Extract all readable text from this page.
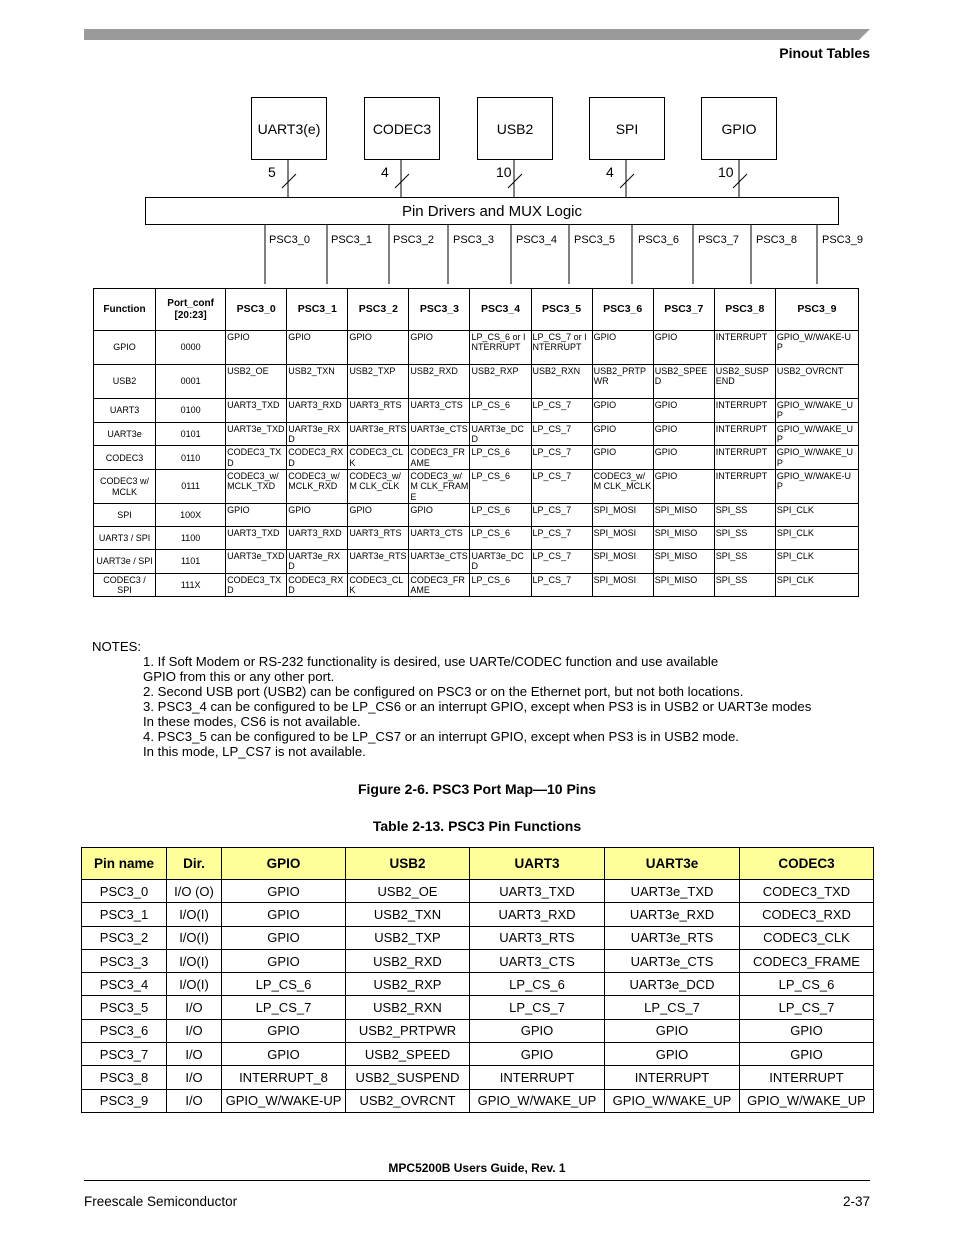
Pinout Tables
UART3(e)	CODEC3	USB2	SPI	GPIO
5	4	10	4	10
Pin Drivers and MUX Logic
PSC3_0 PSC3_1 PSC3_2 PSC3_3 PSC3_4 PSC3_5 PSC3_6 PSC3_7 PSC3_8 PSC3_9
Function	Port_conf
[20:23]	PSC3_0	PSC3_1	PSC3_2	PSC3_3	PSC3_4	PSC3_5	PSC3_6	PSC3_7	PSC3_8	PSC3_9
GPIO	0000	GPIO	GPIO	GPIO	GPIO	LP_CS_6 or INTERRUPT	LP_CS_7 or INTERRUPT	GPIO	GPIO	INTERRUPT	GPIO_W/WAKE-UP
USB2	0001	USB2_OE	USB2_TXN	USB2_TXP	USB2_RXD	USB2_RXP	USB2_RXN	USB2_PRTPWR	USB2_SPEED	USB2_SUSPEND	USB2_OVRCNT
UART3	0100	UART3_TXD	UART3_RXD	UART3_RTS	UART3_CTS	LP_CS_6	LP_CS_7	GPIO	GPIO	INTERRUPT	GPIO_W/WAKE_UP
UART3e	0101	UART3e_TXD	UART3e_RXD	UART3e_RTS	UART3e_CTS	UART3e_DCD	LP_CS_7	GPIO	GPIO	INTERRUPT	GPIO_W/WAKE_UP
CODEC3	0110	CODEC3_TXD	CODEC3_RXD	CODEC3_CLK	CODEC3_FRAME	LP_CS_6	LP_CS_7	GPIO	GPIO	INTERRUPT	GPIO_W/WAKE_UP
CODEC3 w/ MCLK	0111	CODEC3_w/ MCLK_TXD	CODEC3_w/ MCLK_RXD	CODEC3_w/M CLK_CLK	CODEC3_w/M CLK_FRAME	LP_CS_6	LP_CS_7	CODEC3_w/M CLK_MCLK	GPIO	INTERRUPT	GPIO_W/WAKE-UP
SPI	100X	GPIO	GPIO	GPIO	GPIO	LP_CS_6	LP_CS_7	SPI_MOSI	SPI_MISO	SPI_SS	SPI_CLK
UART3 / SPI	1100	UART3_TXD	UART3_RXD	UART3_RTS	UART3_CTS	LP_CS_6	LP_CS_7	SPI_MOSI	SPI_MISO	SPI_SS	SPI_CLK
UART3e / SPI	1101	UART3e_TXD	UART3e_RXD	UART3e_RTS	UART3e_CTS	UART3e_DCD	LP_CS_7	SPI_MOSI	SPI_MISO	SPI_SS	SPI_CLK
CODEC3 / SPI	111X	CODEC3_TXD	CODEC3_RXD	CODEC3_CLK	CODEC3_FRAME	LP_CS_6	LP_CS_7	SPI_MOSI	SPI_MISO	SPI_SS	SPI_CLK
NOTES:
1. If Soft Modem or RS-232 functionality is desired, use UARTe/CODEC function and use available
GPIO from this or any other port.
2. Second USB port (USB2) can be configured on PSC3 or on the Ethernet port, but not both locations.
3. PSC3_4 can be configured to be LP_CS6 or an interrupt GPIO, except when PS3 is in USB2 or UART3e modes
In these modes, CS6 is not available.
4. PSC3_5 can be configured to be LP_CS7 or an interrupt GPIO, except when PS3 is in USB2 mode.
In this mode, LP_CS7 is not available.
Figure 2-6. PSC3 Port Map—10 Pins
Table 2-13. PSC3 Pin Functions
Pin name	Dir.	GPIO	USB2	UART3	UART3e	CODEC3
PSC3_0	I/O (O)	GPIO	USB2_OE	UART3_TXD	UART3e_TXD	CODEC3_TXD
PSC3_1	I/O(I)	GPIO	USB2_TXN	UART3_RXD	UART3e_RXD	CODEC3_RXD
PSC3_2	I/O(I)	GPIO	USB2_TXP	UART3_RTS	UART3e_RTS	CODEC3_CLK
PSC3_3	I/O(I)	GPIO	USB2_RXD	UART3_CTS	UART3e_CTS	CODEC3_FRAME
PSC3_4	I/O(I)	LP_CS_6	USB2_RXP	LP_CS_6	UART3e_DCD	LP_CS_6
PSC3_5	I/O	LP_CS_7	USB2_RXN	LP_CS_7	LP_CS_7	LP_CS_7
PSC3_6	I/O	GPIO	USB2_PRTPWR	GPIO	GPIO	GPIO
PSC3_7	I/O	GPIO	USB2_SPEED	GPIO	GPIO	GPIO
PSC3_8	I/O	INTERRUPT_8	USB2_SUSPEND	INTERRUPT	INTERRUPT	INTERRUPT
PSC3_9	I/O	GPIO_W/WAKE-UP	USB2_OVRCNT	GPIO_W/WAKE_UP	GPIO_W/WAKE_UP	GPIO_W/WAKE_UP
MPC5200B Users Guide, Rev. 1
Freescale Semiconductor	2-37
